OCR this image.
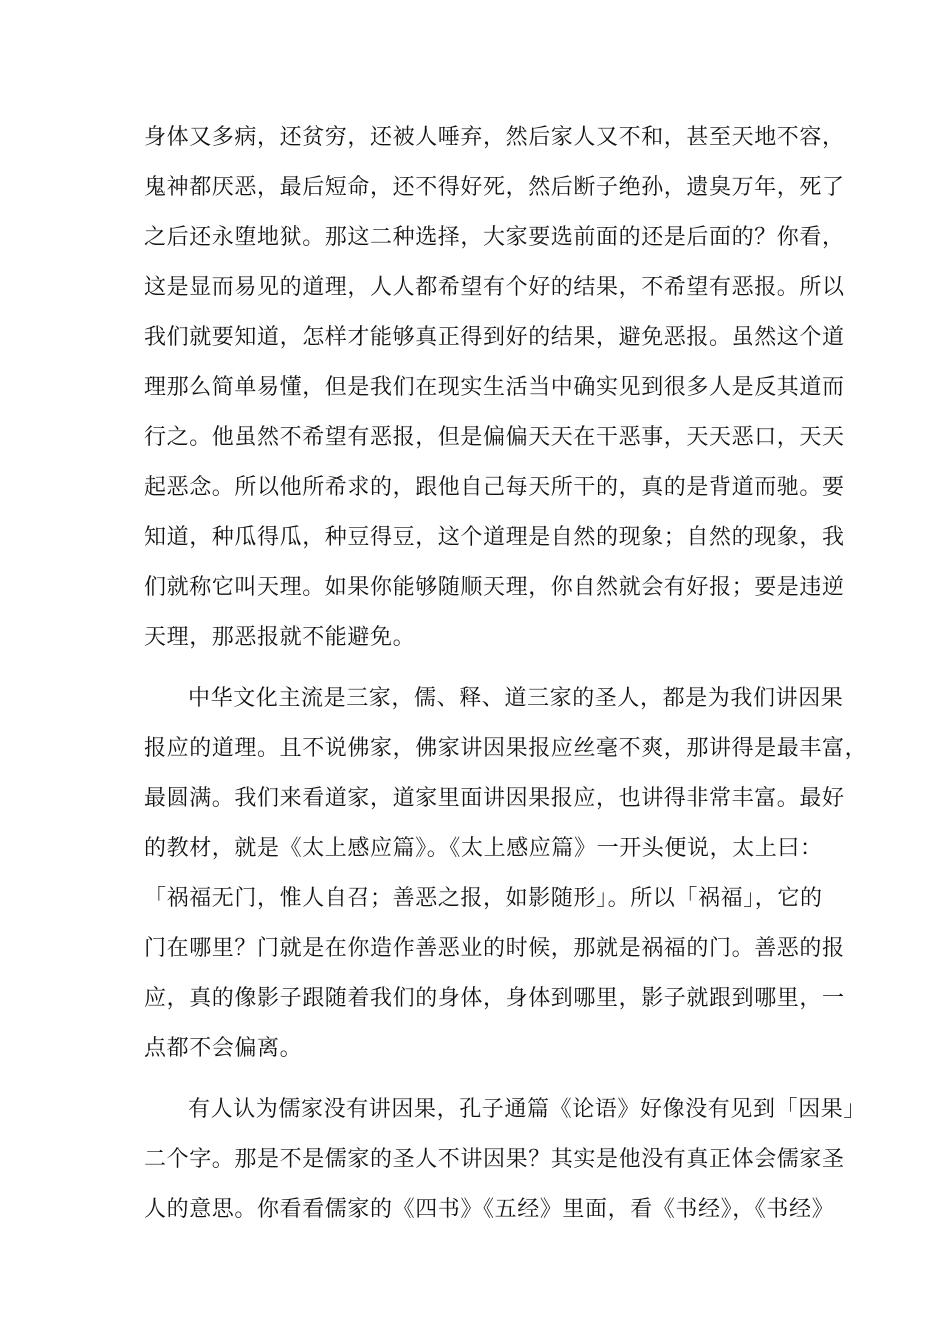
身体又多病，还贫穷，还被人唾弃，然后家人又不和，甚至天地不容，
鬼神都厌恶，最后短命，还不得好死，然后断子绝孙，遗臭万年，死了
之后还永堕地狱。那这二种选择，大家要选前面的还是后面的？你看，
这是显而易见的道理，人人都希望有个好的结果，不希望有恶报。所以
我们就要知道，怎样才能够真正得到好的结果，避免恶报。虽然这个道
理那么简单易懂，但是我们在现实生活当中确实见到很多人是反其道而
行之。他虽然不希望有恶报，但是偏偏天天在干恶事，天天恶口，天天
起恶念。所以他所希求的，跟他自己每天所干的，真的是背道而驰。要
知道，种瓜得瓜，种豆得豆，这个道理是自然的现象；自然的现象，我
们就称它叫天理。如果你能够随顺天理，你自然就会有好报；要是违逆
天理，那恶报就不能避免。
中华文化主流是三家，儒、释、道三家的圣人，都是为我们讲因果
报应的道理。且不说佛家，佛家讲因果报应丝毫不爽，那讲得是最丰富，
最圆满。我们来看道家，道家里面讲因果报应，也讲得非常丰富。最好
的教材，就是《太上感应篇》。《太上感应篇》一开头便说，太上曰：
「祸福无门，惟人自召；善恶之报，如影随形」。所以「祸福」，它的
门在哪里？门就是在你造作善恶业的时候，那就是祸福的门。善恶的报
应，真的像影子跟随着我们的身体，身体到哪里，影子就跟到哪里，一
点都不会偏离。
有人认为儒家没有讲因果，孔子通篇《论语》好像没有见到「因果」
二个字。那是不是儒家的圣人不讲因果？其实是他没有真正体会儒家圣
人的意思。你看看儒家的《四书》《五经》里面，看《书经》，《书经》
